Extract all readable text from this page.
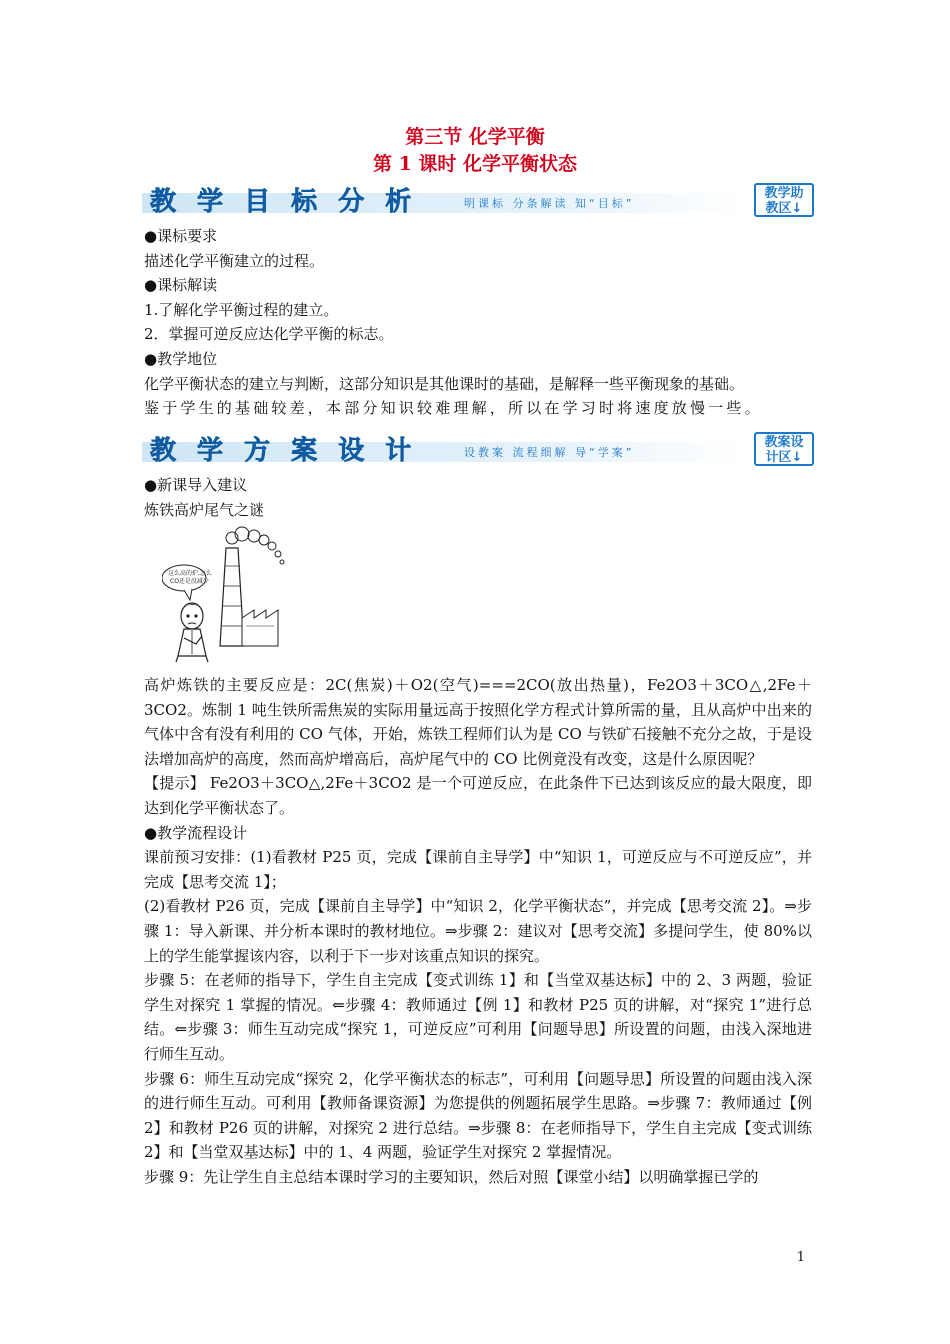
第三节 化学平衡
第 1 课时 化学平衡状态
教 学 目 标 分 析	明课标 分条解读 知“目标”
教学助
教区↓

●课标要求

描述化学平衡建立的过程。

●课标解读

1.了解化学平衡过程的建立。

2．掌握可逆反应达化学平衡的标志。

●教学地位

化学平衡状态的建立与判断，这部分知识是其他课时的基础，是解释一些平衡现象的基础。

鉴于学生的基础较差，本部分知识较难理解，所以在学习时将速度放慢一些。

教 学 方 案 设 计	设教案 流程细解 导“学案”
教案设
计区↓

●新课导入建议

炼铁高炉尾气之谜

这么高的炉,怎么
CO还是没减少

高炉炼铁的主要反应是：2C(焦炭)＋O2(空气)===2CO(放出热量)，Fe2O3＋3CO△,2Fe＋3CO2。炼制 1 吨生铁所需焦炭的实际用量远高于按照化学方程式计算所需的量，且从高炉中出来的气体中含有没有利用的 CO 气体，开始，炼铁工程师们认为是 CO 与铁矿石接触不充分之故，于是设法增加高炉的高度，然而高炉增高后，高炉尾气中的 CO 比例竟没有改变，这是什么原因呢？

【提示】 Fe2O3＋3CO△,2Fe＋3CO2 是一个可逆反应，在此条件下已达到该反应的最大限度，即达到化学平衡状态了。

●教学流程设计

课前预习安排：(1)看教材 P25 页，完成【课前自主导学】中“知识 1，可逆反应与不可逆反应”，并完成【思考交流 1】；

(2)看教材 P26 页，完成【课前自主导学】中“知识 2，化学平衡状态”，并完成【思考交流 2】。⇒步骤 1：导入新课、并分析本课时的教材地位。⇒步骤 2：建议对【思考交流】多提问学生，使 80%以上的学生能掌握该内容，以利于下一步对该重点知识的探究。

步骤 5：在老师的指导下，学生自主完成【变式训练 1】和【当堂双基达标】中的 2、3 两题，验证学生对探究 1 掌握的情况。⇐步骤 4：教师通过【例 1】和教材 P25 页的讲解，对“探究 1”进行总结。⇐步骤 3：师生互动完成“探究 1，可逆反应”可利用【问题导思】所设置的问题，由浅入深地进行师生互动。

步骤 6：师生互动完成“探究 2，化学平衡状态的标志”，可利用【问题导思】所设置的问题由浅入深的进行师生互动。可利用【教师备课资源】为您提供的例题拓展学生思路。⇒步骤 7：教师通过【例 2】和教材 P26 页的讲解，对探究 2 进行总结。⇒步骤 8：在老师指导下，学生自主完成【变式训练 2】和【当堂双基达标】中的 1、4 两题，验证学生对探究 2 掌握情况。

步骤 9：先让学生自主总结本课时学习的主要知识，然后对照【课堂小结】以明确掌握已学的

1
